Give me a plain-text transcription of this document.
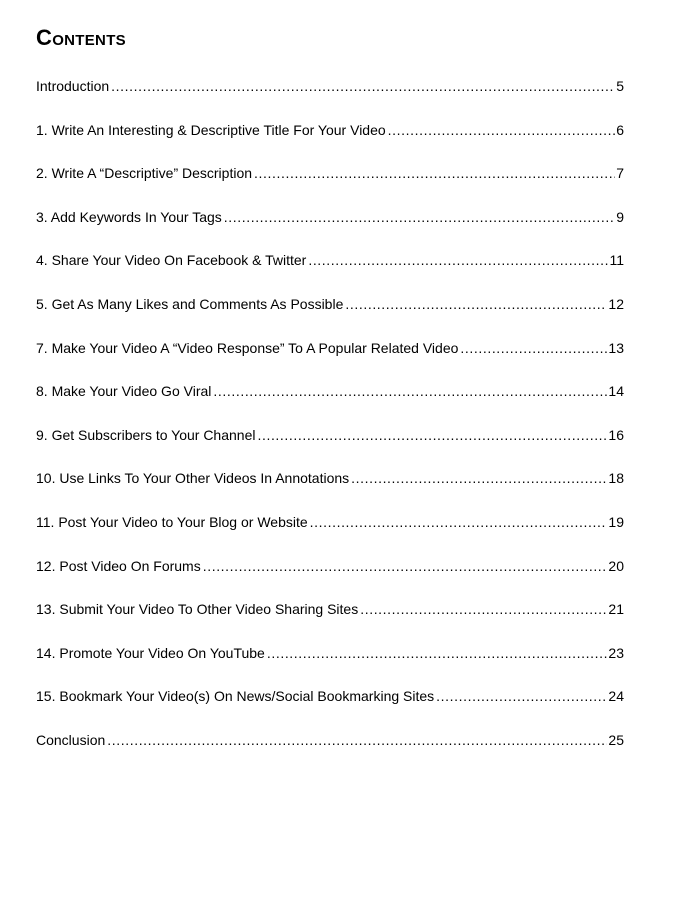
Contents
Introduction .....	5
1. Write An Interesting & Descriptive Title For Your Video .....	6
2. Write A “Descriptive” Description .....	7
3. Add Keywords In Your Tags .....	9
4. Share Your Video On Facebook & Twitter .....	11
5. Get As Many Likes and Comments As Possible .....	12
7. Make Your Video A “Video Response” To A Popular Related Video .....	13
8. Make Your Video Go Viral .....	14
9. Get Subscribers to Your Channel .....	16
10. Use Links To Your Other Videos In Annotations .....	18
11. Post Your Video to Your Blog or Website .....	19
12. Post Video On Forums .....	20
13. Submit Your Video To Other Video Sharing Sites .....	21
14. Promote Your Video On YouTube .....	23
15. Bookmark Your Video(s) On News/Social Bookmarking Sites .....	24
Conclusion .....	25
